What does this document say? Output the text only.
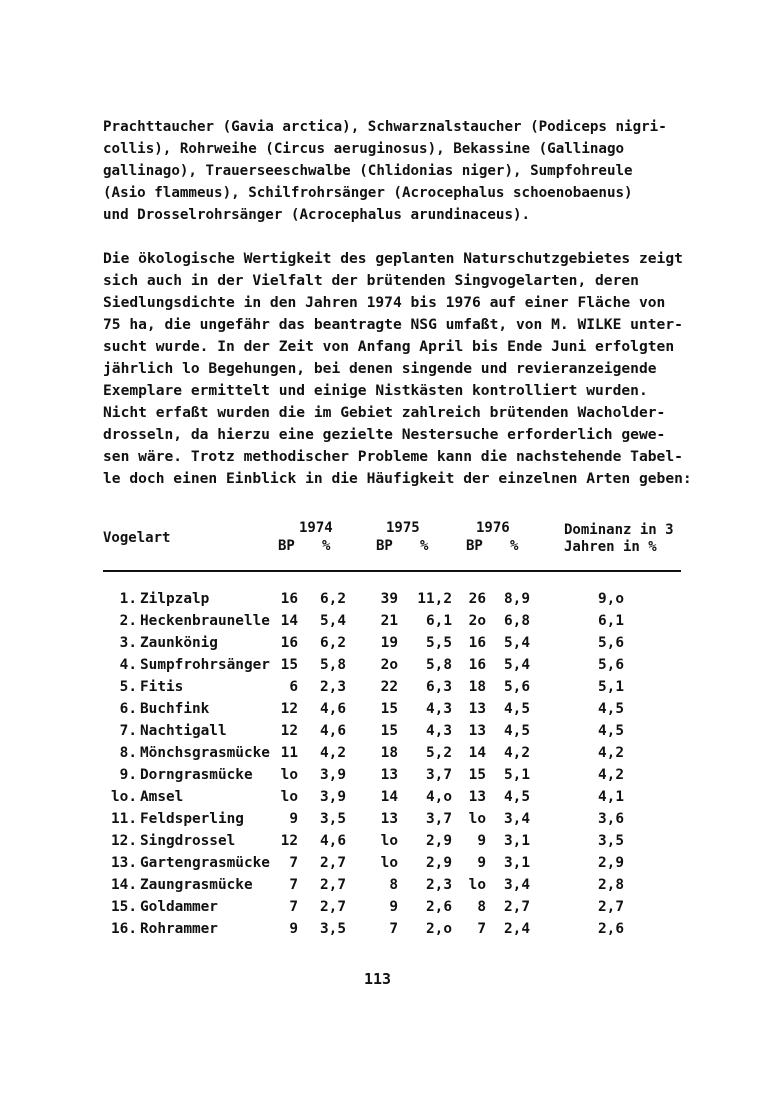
Prachttaucher (Gavia arctica), Schwarznalstaucher (Podiceps nigri-
collis), Rohrweihe (Circus aeruginosus), Bekassine (Gallinago
gallinago), Trauerseeschwalbe (Chlidonias niger), Sumpfohreule
(Asio flammeus), Schilfrohrsänger (Acrocephalus schoenobaenus)
und Drosselrohrsänger (Acrocephalus arundinaceus).
Die ökologische Wertigkeit des geplanten Naturschutzgebietes zeigt
sich auch in der Vielfalt der brütenden Singvogelarten, deren
Siedlungsdichte in den Jahren 1974 bis 1976 auf einer Fläche von
75 ha, die ungefähr das beantragte NSG umfaßt, von M. WILKE unter-
sucht wurde. In der Zeit von Anfang April bis Ende Juni erfolgten
jährlich lo Begehungen, bei denen singende und revieranzeigende
Exemplare ermittelt und einige Nistkästen kontrolliert wurden.
Nicht erfaßt wurden die im Gebiet zahlreich brütenden Wacholder-
drosseln, da hierzu eine gezielte Nestersuche erforderlich gewe-
sen wäre. Trotz methodischer Probleme kann die nachstehende Tabel-
le doch einen Einblick in die Häufigkeit der einzelnen Arten geben:
Vogelart
1974	1975	1976
BP %	BP %	BP %
Dominanz in 3
Jahren in %
1. Zilpzalp	16	6,2	39	11,2	26	8,9	9,o
2. Heckenbraunelle 14	5,4	21	6,1	2o	6,8	6,1
3. Zaunkönig	16	6,2	19	5,5	16	5,4	5,6
4. Sumpfrohrsänger 15	5,8	2o	5,8	16	5,4	5,6
5. Fitis	6	2,3	22	6,3	18	5,6	5,1
6. Buchfink	12	4,6	15	4,3	13	4,5	4,5
7. Nachtigall	12	4,6	15	4,3	13	4,5	4,5
8. Mönchsgrasmücke 11	4,2	18	5,2	14	4,2	4,2
9. Dorngrasmücke	lo	3,9	13	3,7	15	5,1	4,2
lo. Amsel	lo	3,9	14	4,o	13	4,5	4,1
11. Feldsperling	9	3,5	13	3,7	lo	3,4	3,6
12. Singdrossel	12	4,6	lo	2,9	9	3,1	3,5
13. Gartengrasmücke	7	2,7	lo	2,9	9	3,1	2,9
14. Zaungrasmücke	7	2,7	8	2,3	lo	3,4	2,8
15. Goldammer	7	2,7	9	2,6	8	2,7	2,7
16. Rohrammer	9	3,5	7	2,o	7	2,4	2,6
113
